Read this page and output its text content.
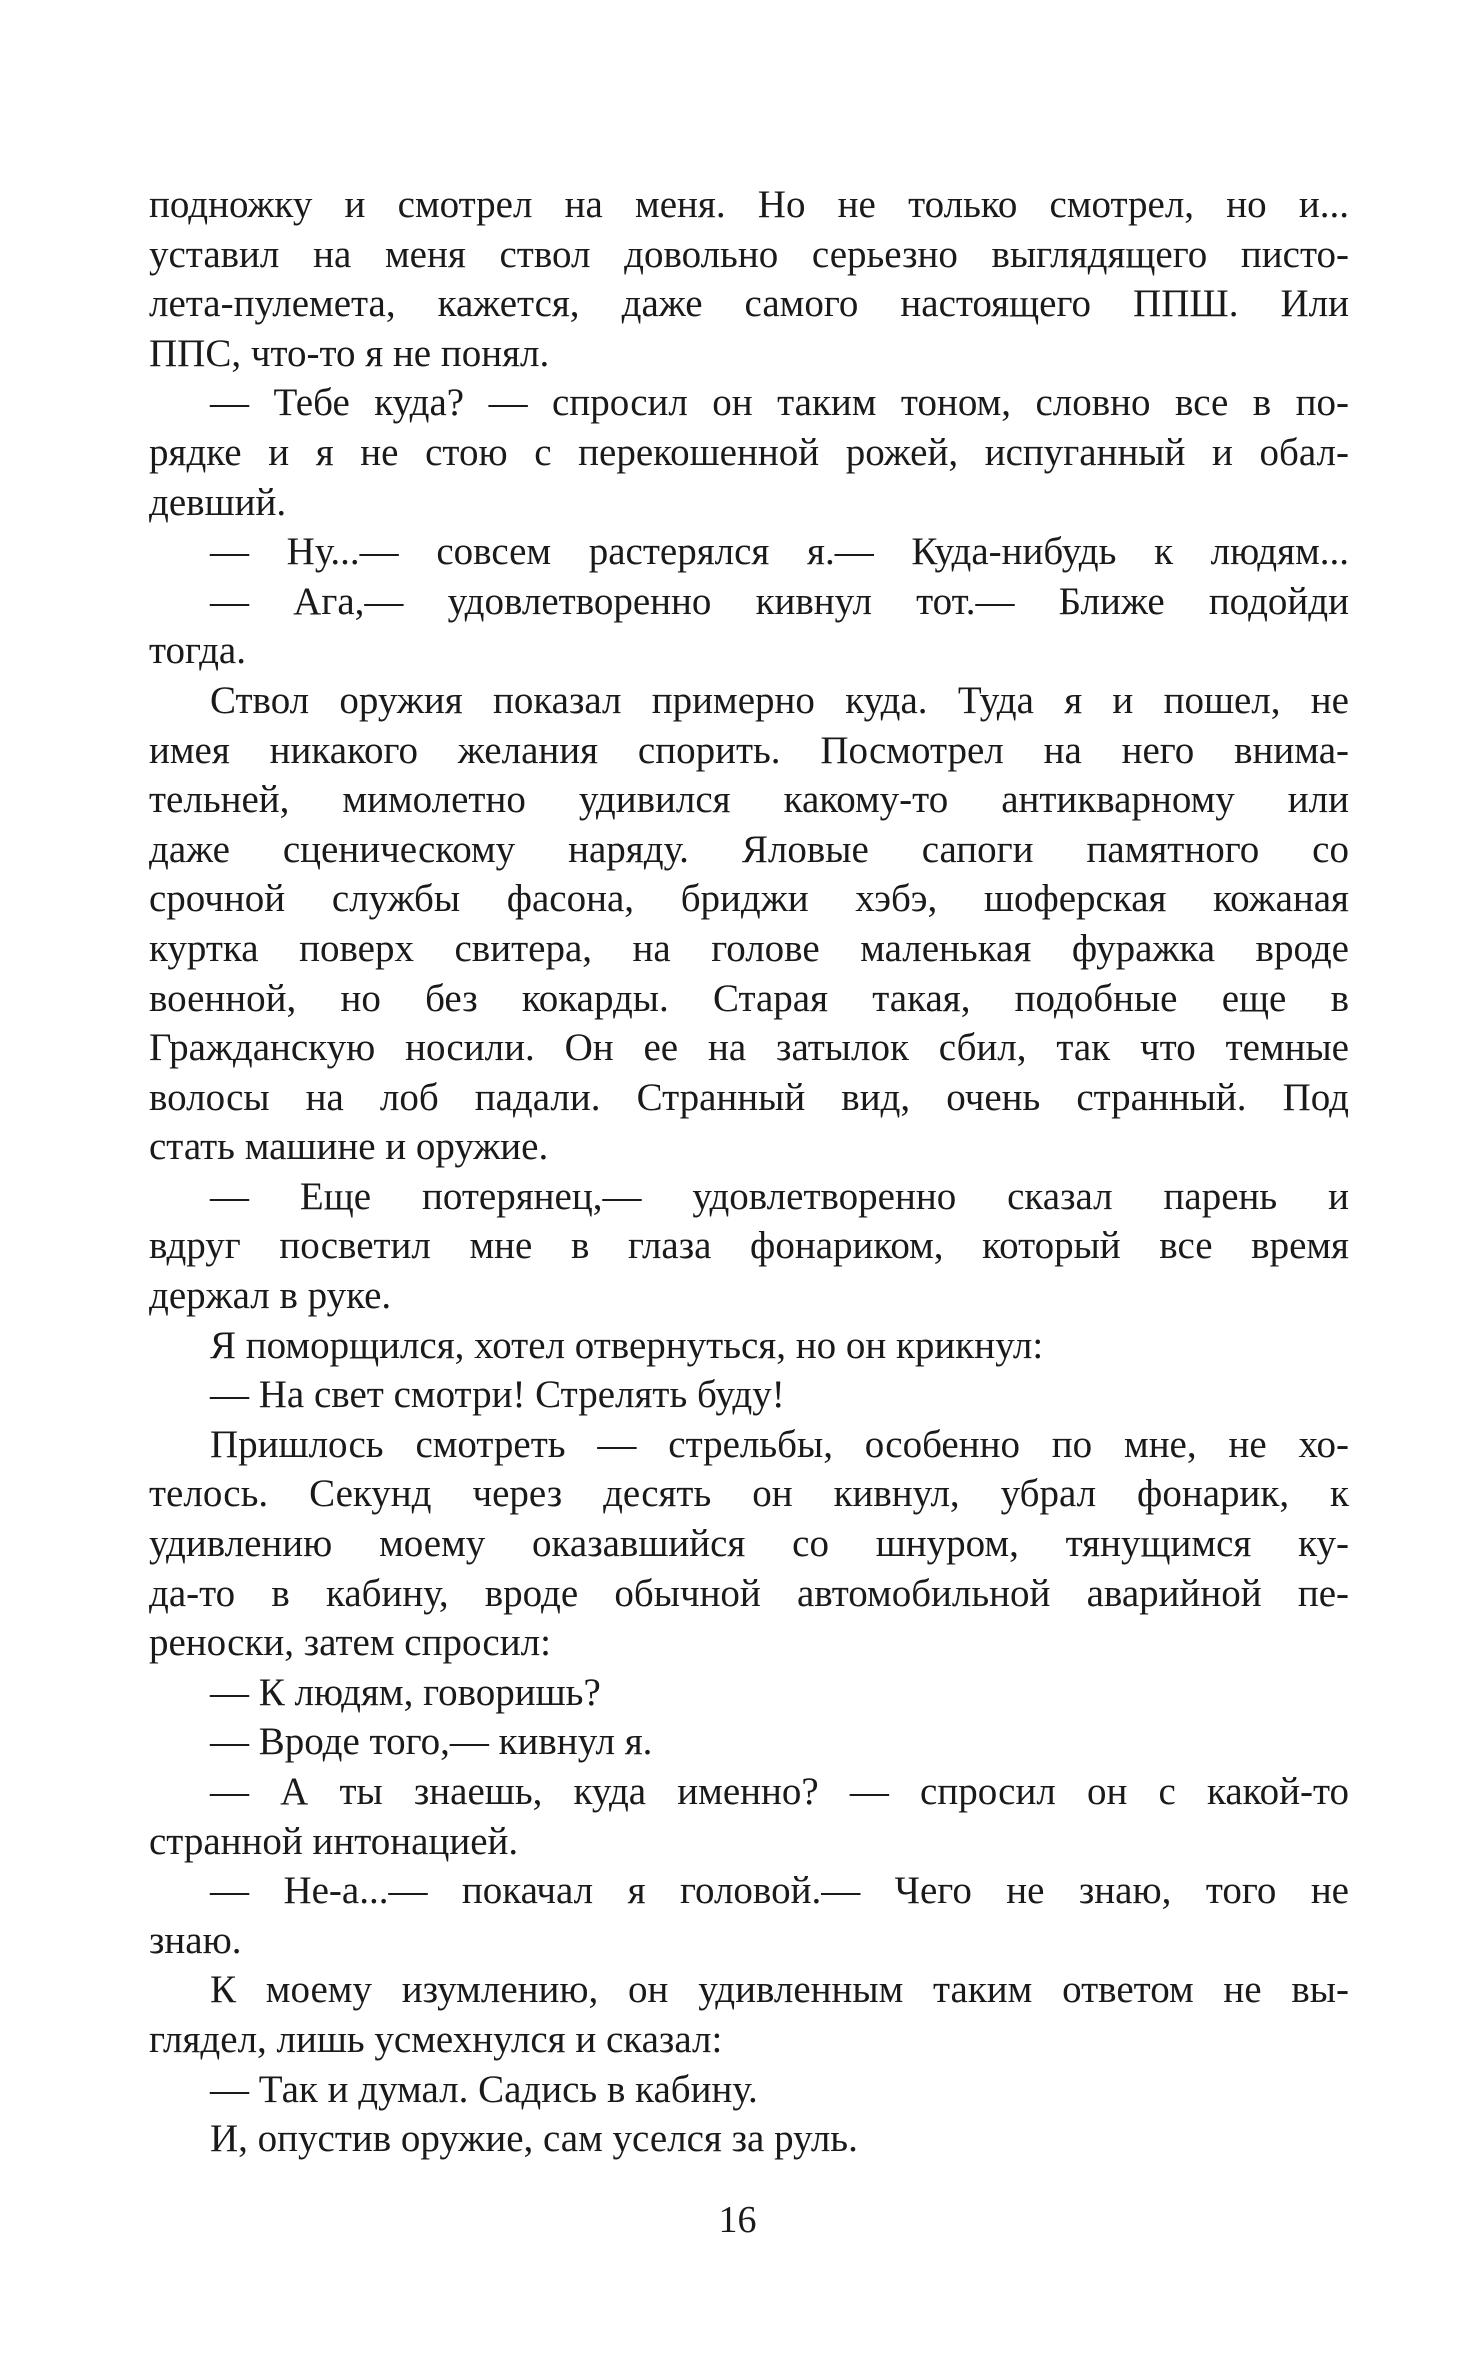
подножку и смотрел на меня. Но не только смотрел, но и...
уставил на меня ствол довольно серьезно выглядящего писто-
лета-пулемета, кажется, даже самого настоящего ППШ. Или
ППС, что-то я не понял.
— Тебе куда? — спросил он таким тоном, словно все в по-
рядке и я не стою с перекошенной рожей, испуганный и обал-
девший.
— Ну...— совсем растерялся я.— Куда-нибудь к людям...
— Ага,— удовлетворенно кивнул тот.— Ближе подойди
тогда.
Ствол оружия показал примерно куда. Туда я и пошел, не
имея никакого желания спорить. Посмотрел на него внима-
тельней, мимолетно удивился какому-то антикварному или
даже сценическому наряду. Яловые сапоги памятного со
срочной службы фасона, бриджи хэбэ, шоферская кожаная
куртка поверх свитера, на голове маленькая фуражка вроде
военной, но без кокарды. Старая такая, подобные еще в
Гражданскую носили. Он ее на затылок сбил, так что темные
волосы на лоб падали. Странный вид, очень странный. Под
стать машине и оружие.
— Еще потерянец,— удовлетворенно сказал парень и
вдруг посветил мне в глаза фонариком, который все время
держал в руке.
Я поморщился, хотел отвернуться, но он крикнул:
— На свет смотри! Стрелять буду!
Пришлось смотреть — стрельбы, особенно по мне, не хо-
телось. Секунд через десять он кивнул, убрал фонарик, к
удивлению моему оказавшийся со шнуром, тянущимся ку-
да-то в кабину, вроде обычной автомобильной аварийной пе-
реноски, затем спросил:
— К людям, говоришь?
— Вроде того,— кивнул я.
— А ты знаешь, куда именно? — спросил он с какой-то
странной интонацией.
— Не-а...— покачал я головой.— Чего не знаю, того не
знаю.
К моему изумлению, он удивленным таким ответом не вы-
глядел, лишь усмехнулся и сказал:
— Так и думал. Садись в кабину.
И, опустив оружие, сам уселся за руль.
16
